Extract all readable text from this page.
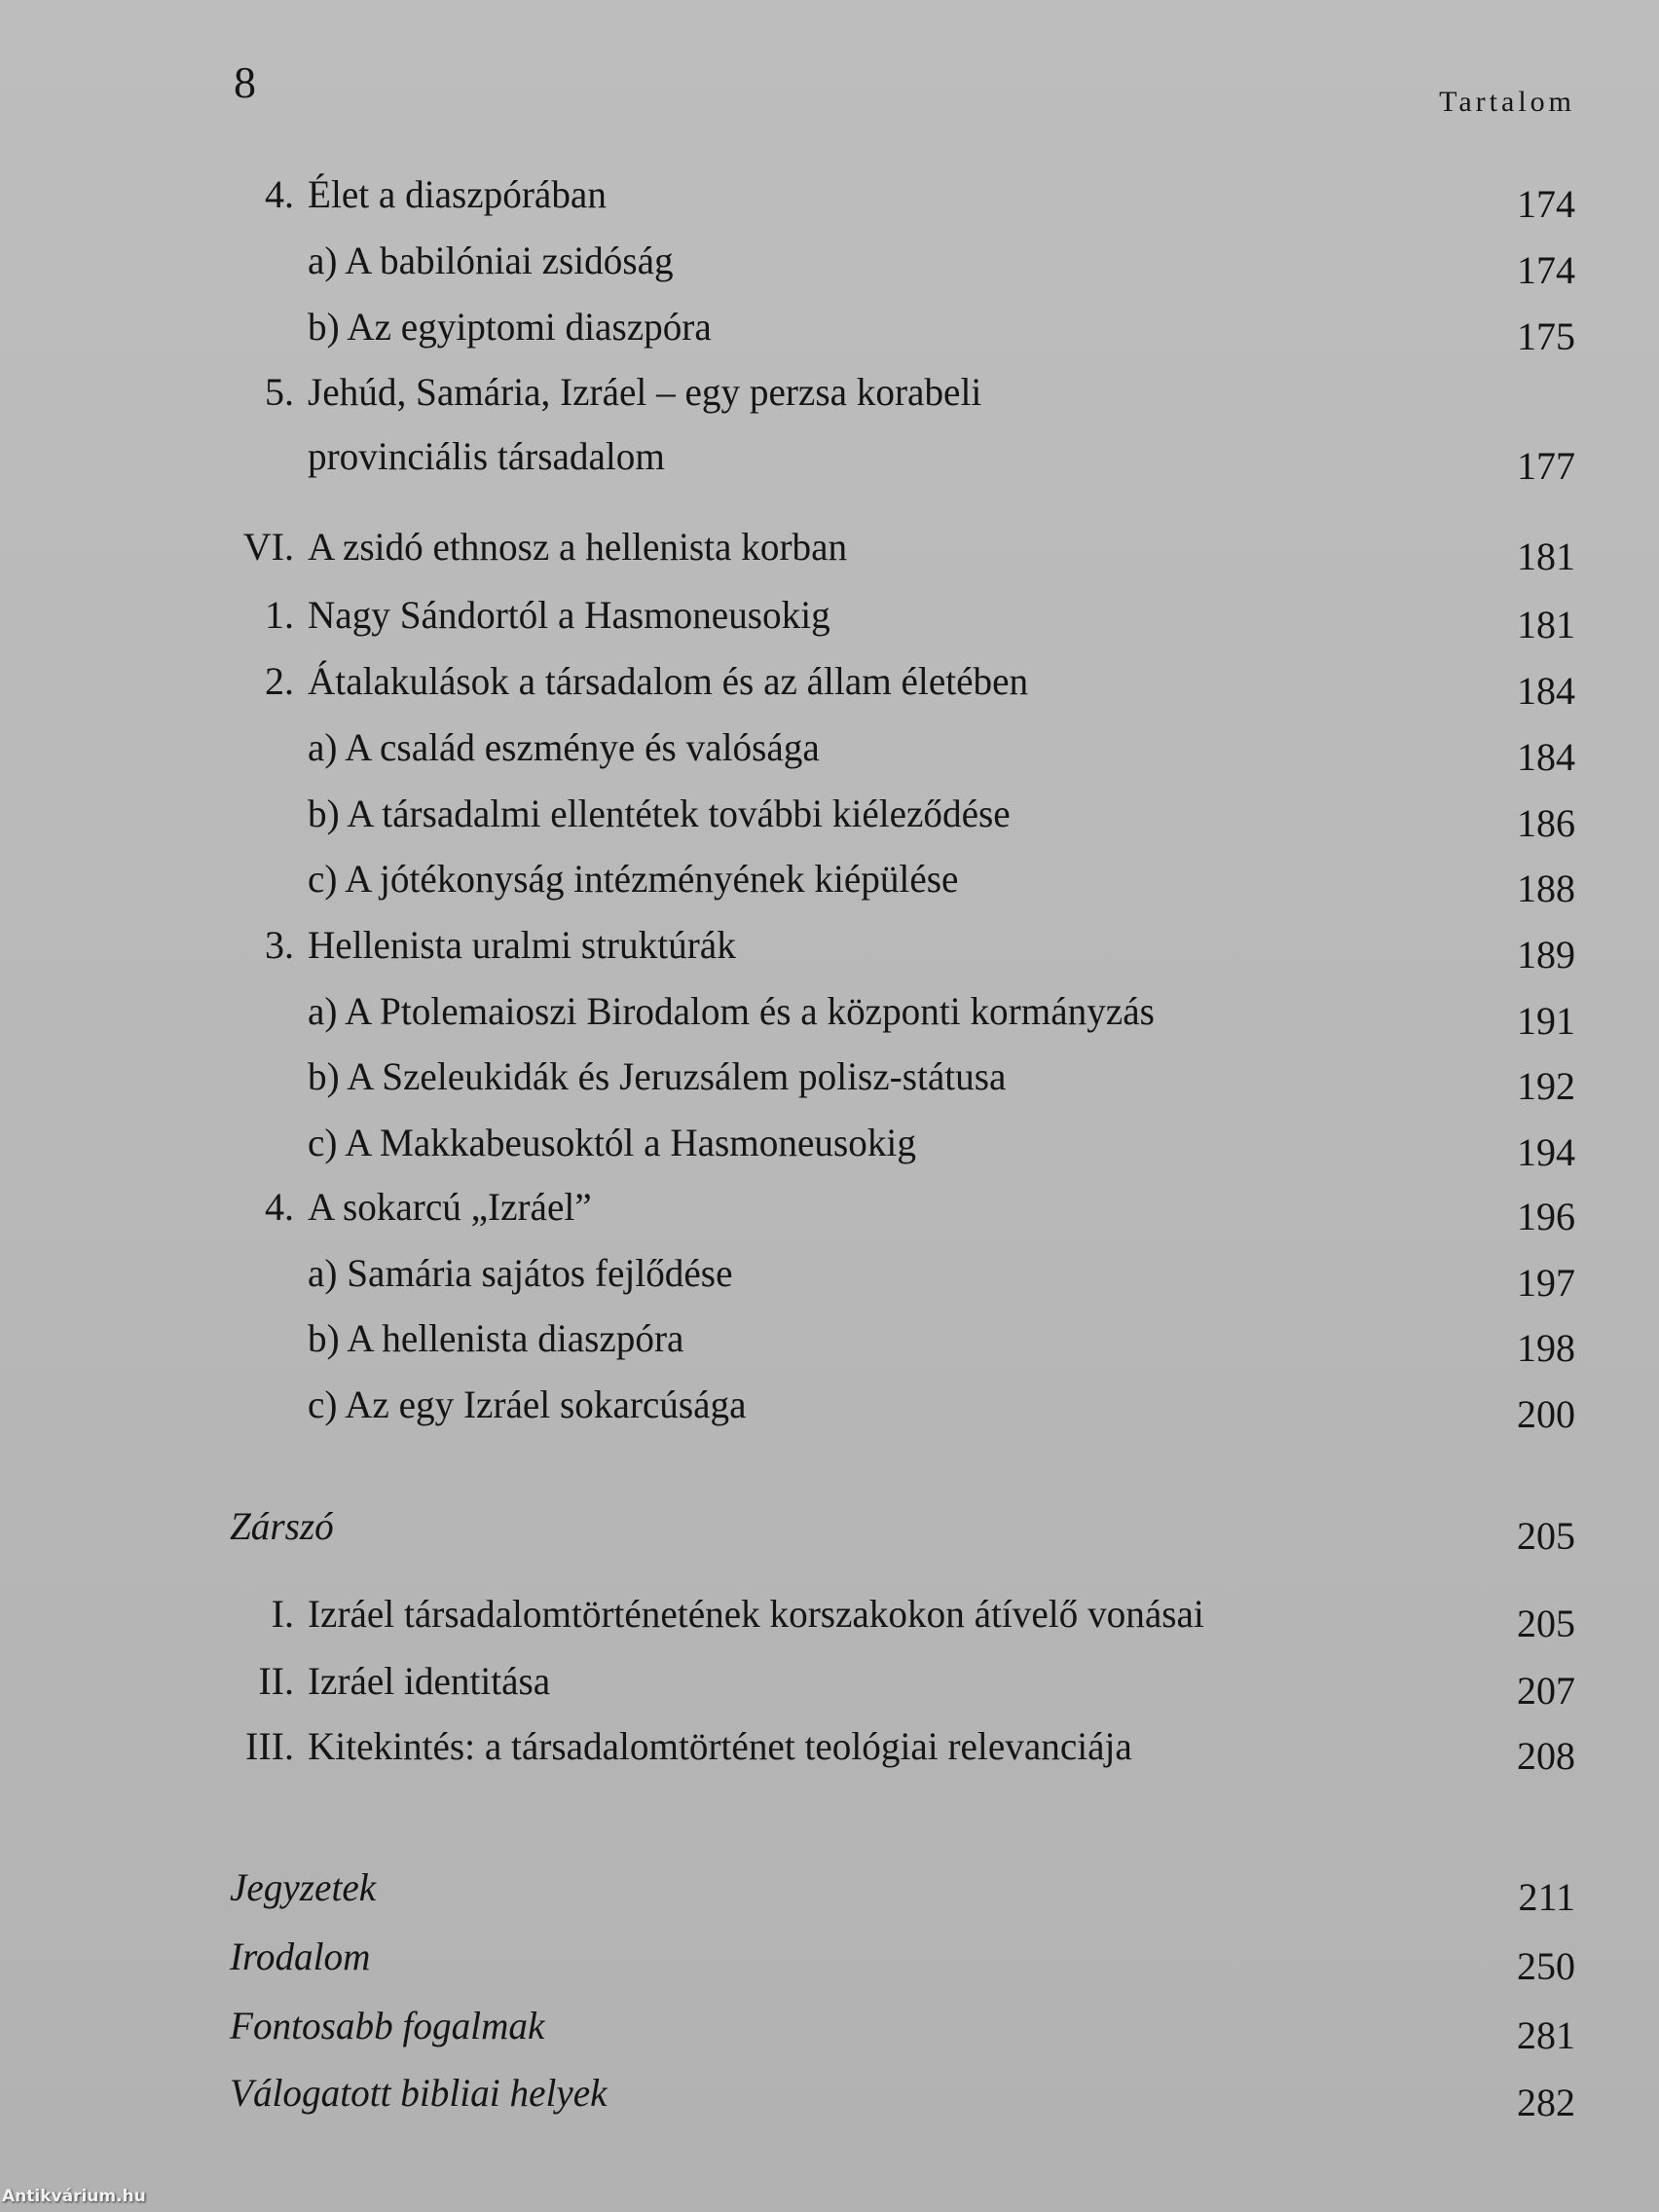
8	Tartalom
4. Élet a diaszpórában	174
a) A babilóniai zsidóság	174
b) Az egyiptomi diaszpóra	175
5. Jehúd, Samária, Izráel – egy perzsa korabeli
provinciális társadalom	177
VI. A zsidó ethnosz a hellenista korban	181
1. Nagy Sándortól a Hasmoneusokig	181
2. Átalakulások a társadalom és az állam életében	184
a) A család eszménye és valósága	184
b) A társadalmi ellentétek további kiéleződése	186
c) A jótékonyság intézményének kiépülése	188
3. Hellenista uralmi struktúrák	189
a) A Ptolemaioszi Birodalom és a központi kormányzás	191
b) A Szeleukidák és Jeruzsálem polisz-státusa	192
c) A Makkabeusoktól a Hasmoneusokig	194
4. A sokarcú „Izráel”	196
a) Samária sajátos fejlődése	197
b) A hellenista diaszpóra	198
c) Az egy Izráel sokarcúsága	200
Zárszó	205
I. Izráel társadalomtörténetének korszakokon átívelő vonásai	205
II. Izráel identitása	207
III. Kitekintés: a társadalomtörténet teológiai relevanciája	208
Jegyzetek	211
Irodalom	250
Fontosabb fogalmak	281
Válogatott bibliai helyek	282
Antikvárium.hu
